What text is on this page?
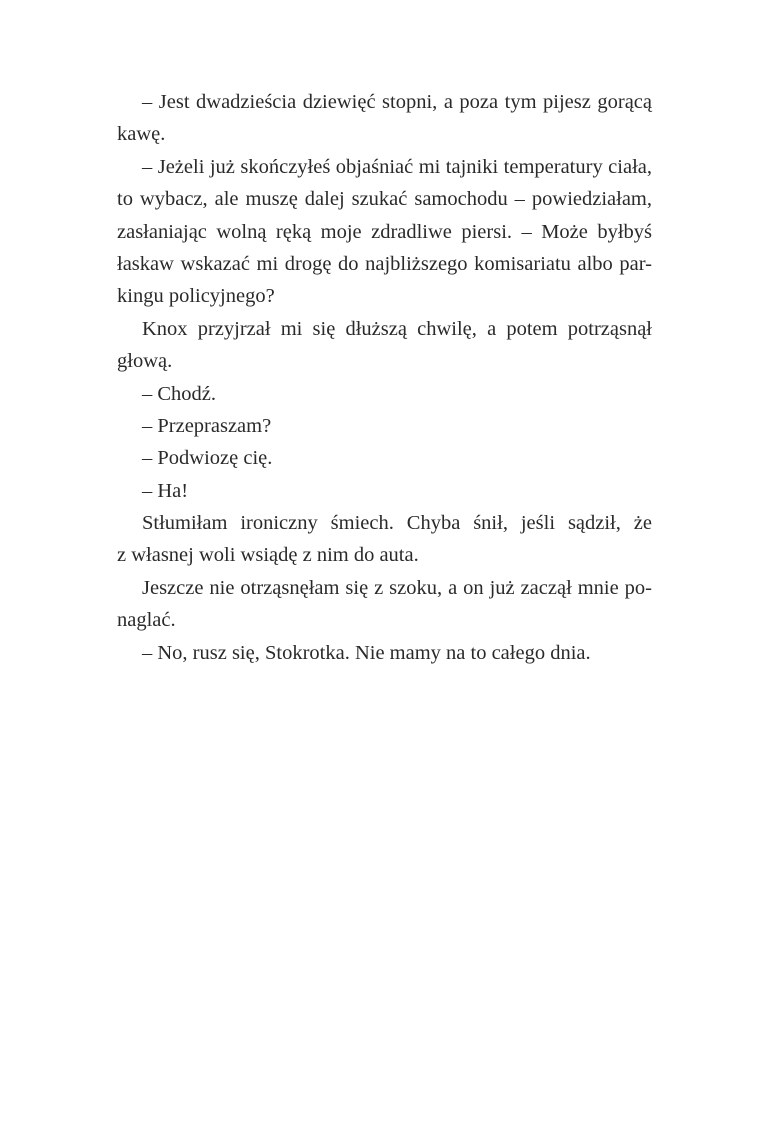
– Jest dwadzieścia dziewięć stopni, a poza tym pijesz gorącą
kawę.
– Jeżeli już skończyłeś objaśniać mi tajniki temperatury ciała,
to wybacz, ale muszę dalej szukać samochodu – powiedziałam,
zasłaniając wolną ręką moje zdradliwe piersi. – Może byłbyś
łaskaw wskazać mi drogę do najbliższego komisariatu albo par-
kingu policyjnego?
Knox przyjrzał mi się dłuższą chwilę, a potem potrząsnął
głową.
– Chodź.
– Przepraszam?
– Podwiozę cię.
– Ha!
Stłumiłam ironiczny śmiech. Chyba śnił, jeśli sądził, że
z własnej woli wsiądę z nim do auta.
Jeszcze nie otrząsnęłam się z szoku, a on już zaczął mnie po-
naglać.
– No, rusz się, Stokrotka. Nie mamy na to całego dnia.
